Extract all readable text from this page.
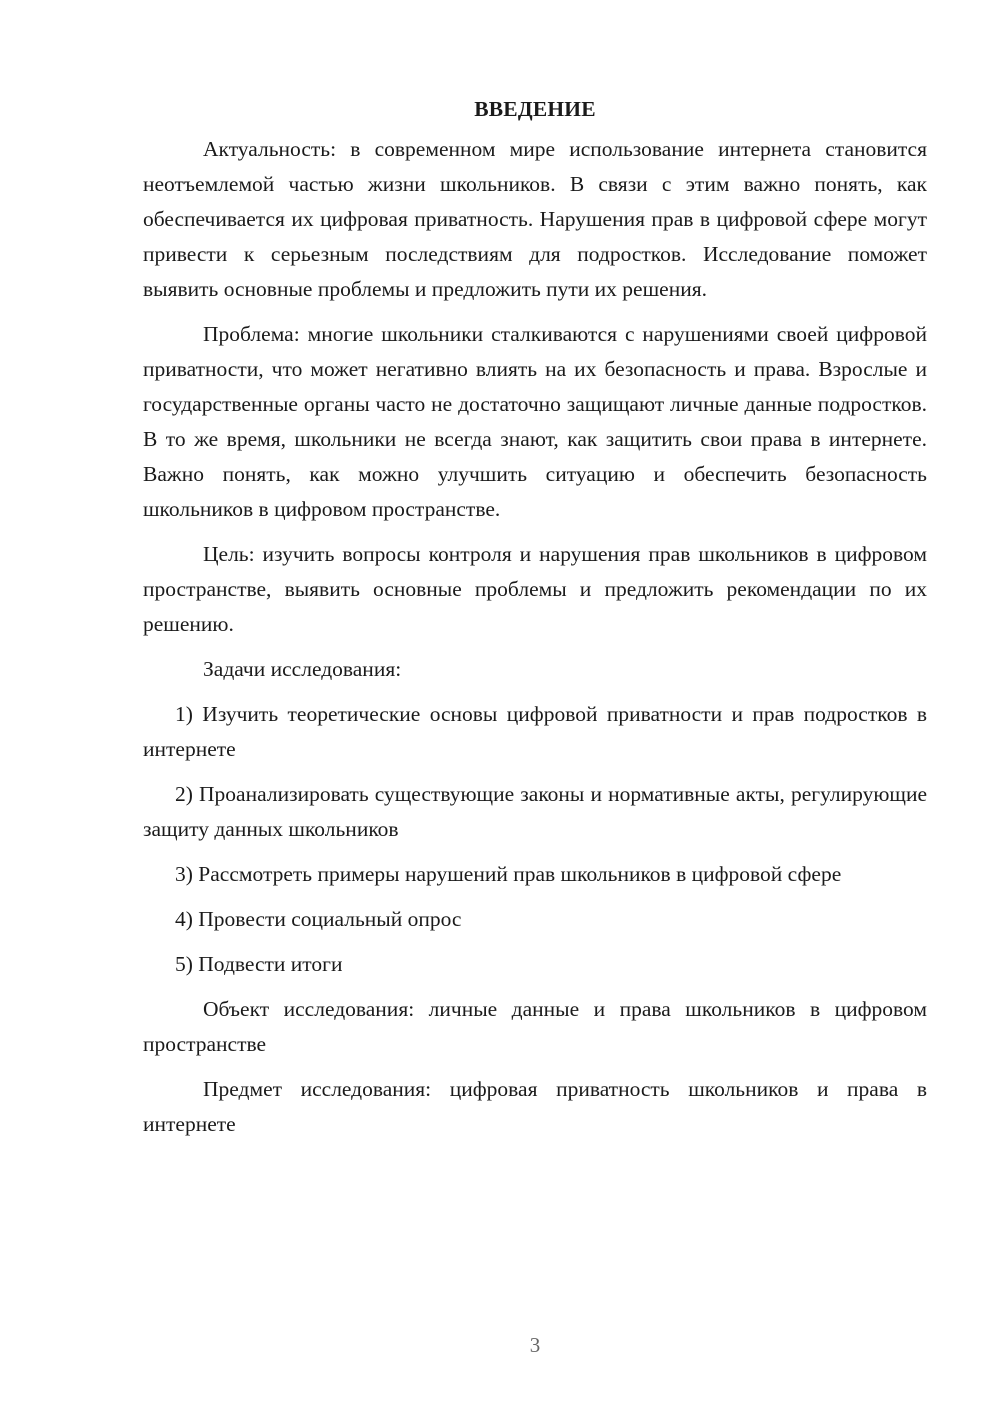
ВВЕДЕНИЕ

Актуальность: в современном мире использование интернета становится неотъемлемой частью жизни школьников. В связи с этим важно понять, как обеспечивается их цифровая приватность. Нарушения прав в цифровой сфере могут привести к серьезным последствиям для подростков. Исследование поможет выявить основные проблемы и предложить пути их решения.

Проблема: многие школьники сталкиваются с нарушениями своей цифровой приватности, что может негативно влиять на их безопасность и права. Взрослые и государственные органы часто не достаточно защищают личные данные подростков. В то же время, школьники не всегда знают, как защитить свои права в интернете. Важно понять, как можно улучшить ситуацию и обеспечить безопасность школьников в цифровом пространстве.

Цель: изучить вопросы контроля и нарушения прав школьников в цифровом пространстве, выявить основные проблемы и предложить рекомендации по их решению.

Задачи исследования:

1) Изучить теоретические основы цифровой приватности и прав подростков в интернете

2) Проанализировать существующие законы и нормативные акты, регулирующие защиту данных школьников

3) Рассмотреть примеры нарушений прав школьников в цифровой сфере

4) Провести социальный опрос

5) Подвести итоги

Объект исследования: личные данные и права школьников в цифровом пространстве

Предмет исследования: цифровая приватность школьников и права в интернете

3
